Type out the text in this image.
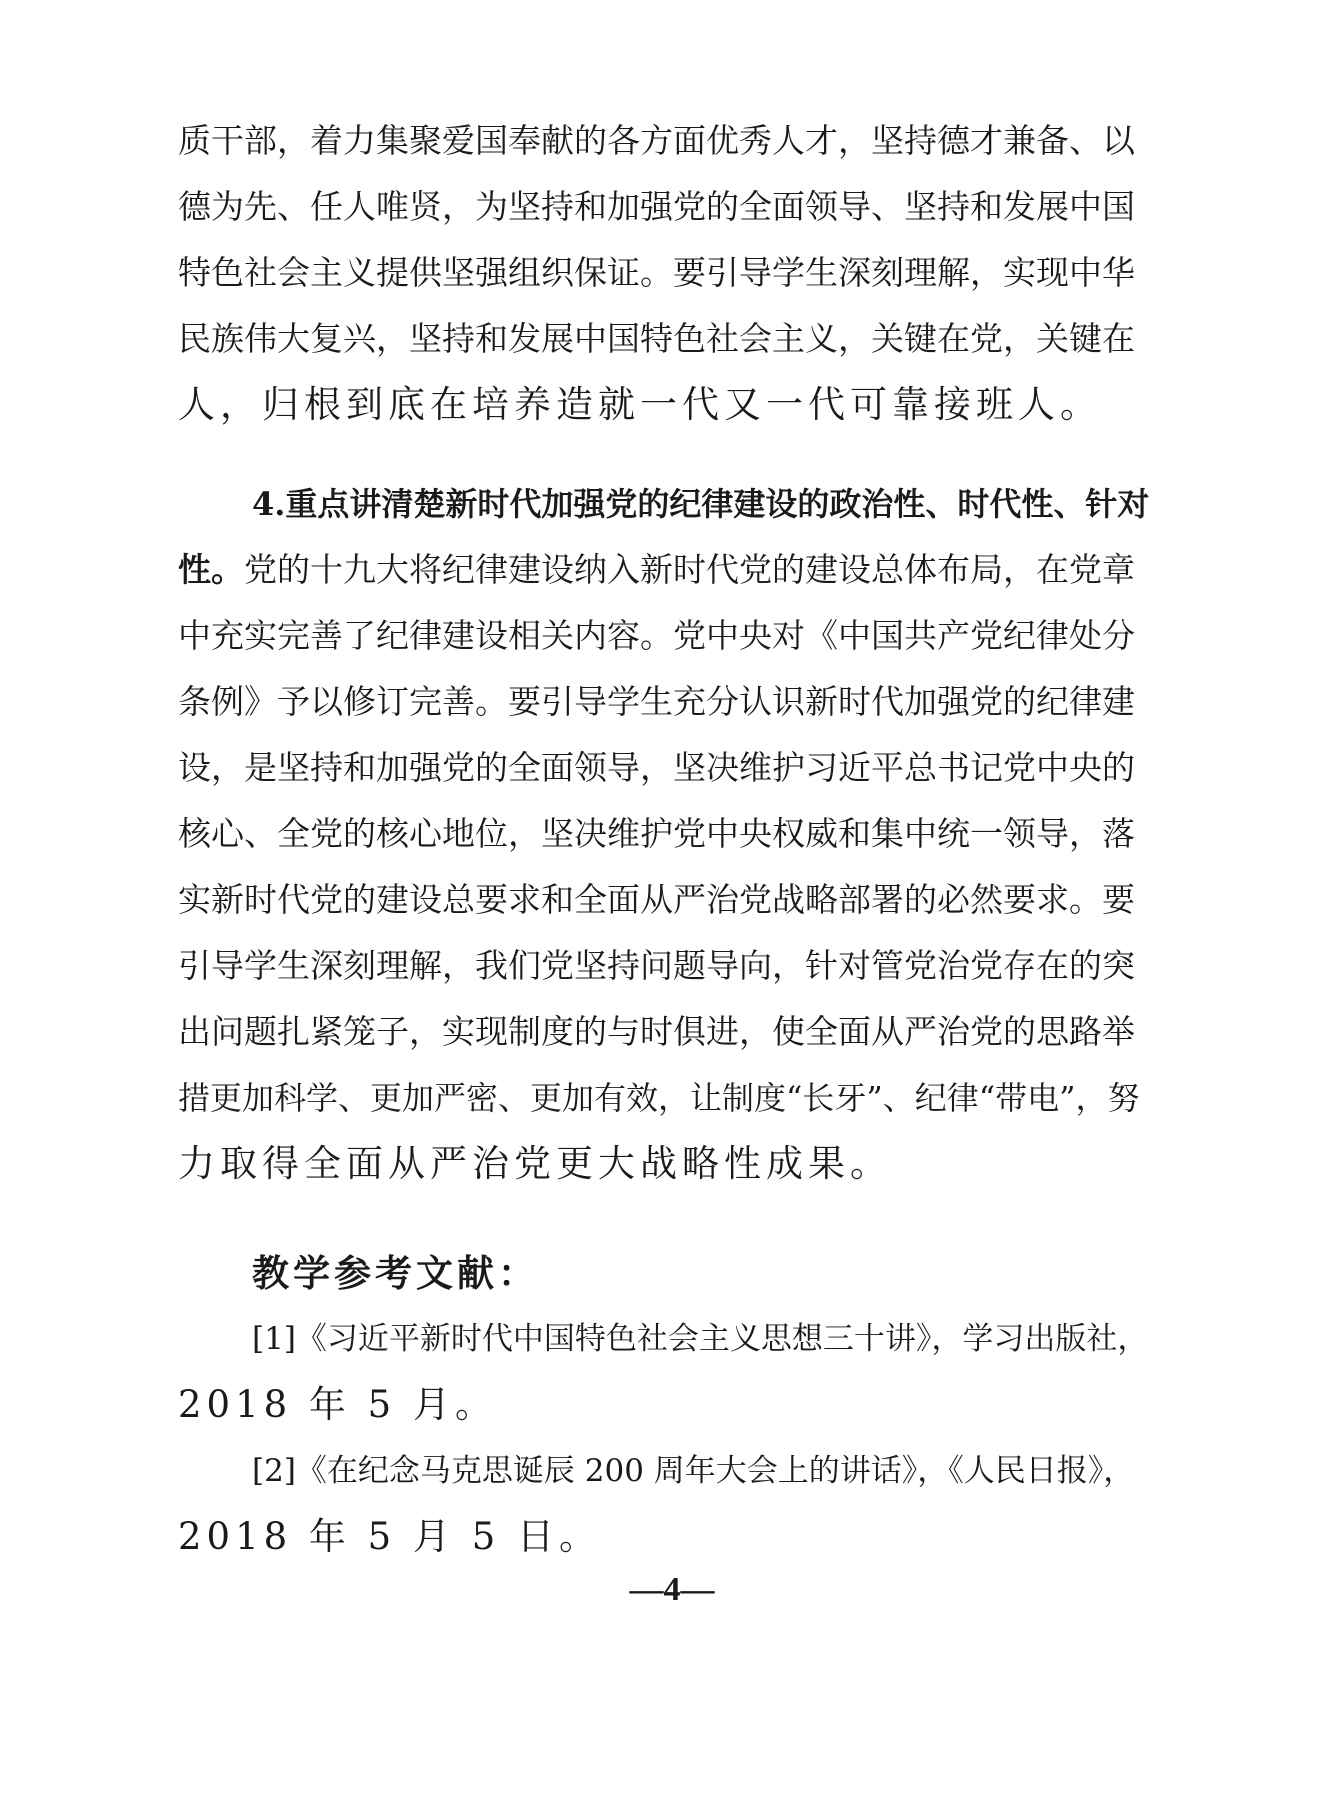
质干部，着力集聚爱国奉献的各方面优秀人才，坚持德才兼备、以
德为先、任人唯贤，为坚持和加强党的全面领导、坚持和发展中国
特色社会主义提供坚强组织保证。要引导学生深刻理解，实现中华
民族伟大复兴，坚持和发展中国特色社会主义，关键在党，关键在
人，归根到底在培养造就一代又一代可靠接班人。
4.重点讲清楚新时代加强党的纪律建设的政治性、时代性、针对
性。党的十九大将纪律建设纳入新时代党的建设总体布局，在党章
中充实完善了纪律建设相关内容。党中央对《中国共产党纪律处分
条例》予以修订完善。要引导学生充分认识新时代加强党的纪律建
设，是坚持和加强党的全面领导，坚决维护习近平总书记党中央的
核心、全党的核心地位，坚决维护党中央权威和集中统一领导，落
实新时代党的建设总要求和全面从严治党战略部署的必然要求。要
引导学生深刻理解，我们党坚持问题导向，针对管党治党存在的突
出问题扎紧笼子，实现制度的与时俱进，使全面从严治党的思路举
措更加科学、更加严密、更加有效，让制度“长牙”、纪律“带电”，努
力取得全面从严治党更大战略性成果。
教学参考文献：
[1]《习近平新时代中国特色社会主义思想三十讲》，学习出版社，
2018 年 5 月。
[2]《在纪念马克思诞辰 200 周年大会上的讲话》，《人民日报》，
2018 年 5 月 5 日。
—4—
